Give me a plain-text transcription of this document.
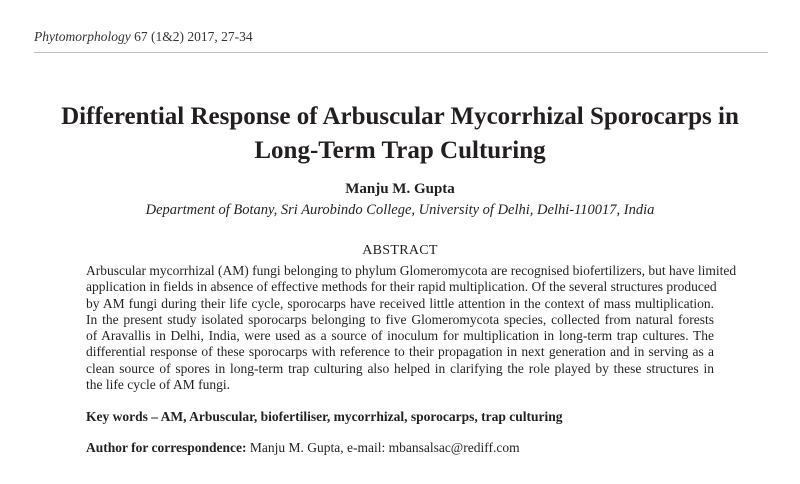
Phytomorphology 67 (1&2) 2017, 27-34
Differential Response of Arbuscular Mycorrhizal Sporocarps in
Long-Term Trap Culturing
Manju M. Gupta
Department of Botany, Sri Aurobindo College, University of Delhi, Delhi-110017, India
ABSTRACT
Arbuscular mycorrhizal (AM) fungi belonging to phylum Glomeromycota are recognised biofertilizers, but have limited
application in fields in absence of effective methods for their rapid multiplication. Of the several structures produced
by AM fungi during their life cycle, sporocarps have received little attention in the context of mass multiplication.
In the present study isolated sporocarps belonging to five Glomeromycota species, collected from natural forests
of Aravallis in Delhi, India, were used as a source of inoculum for multiplication in long-term trap cultures. The
differential response of these sporocarps with reference to their propagation in next generation and in serving as a
clean source of spores in long-term trap culturing also helped in clarifying the role played by these structures in
the life cycle of AM fungi.
Key words – AM, Arbuscular, biofertiliser, mycorrhizal, sporocarps, trap culturing
Author for correspondence: Manju M. Gupta, e-mail: mbansalsac@rediff.com
